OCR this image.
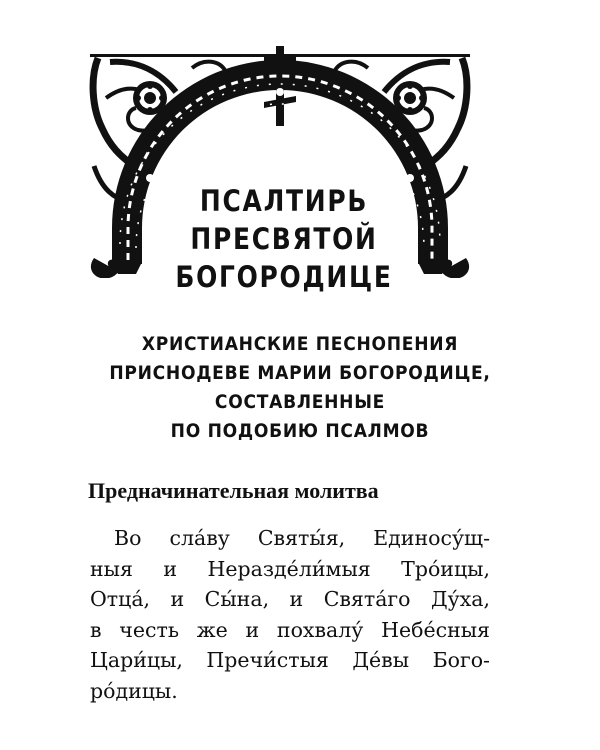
ПСАЛТИРЬ
ПРЕСВЯТОЙ
БОГОРОДИЦЕ
ХРИСТИАНСКИЕ ПЕСНОПЕНИЯ
ПРИСНОДЕВЕ МАРИИ БОГОРОДИЦЕ,
СОСТАВЛЕННЫЕ
ПО ПОДОБИЮ ПСАЛМОВ
Предначинательная молитва
Во сла́ву Святы́я, Единосу́щ-
ныя и Неразде́ли́мыя Тро́ицы,
Отца́, и Сы́на, и Свята́го Ду́ха,
в честь же и похвалу́ Небе́сныя
Цари́цы, Пречи́стыя Де́вы Бого-
ро́дицы.
